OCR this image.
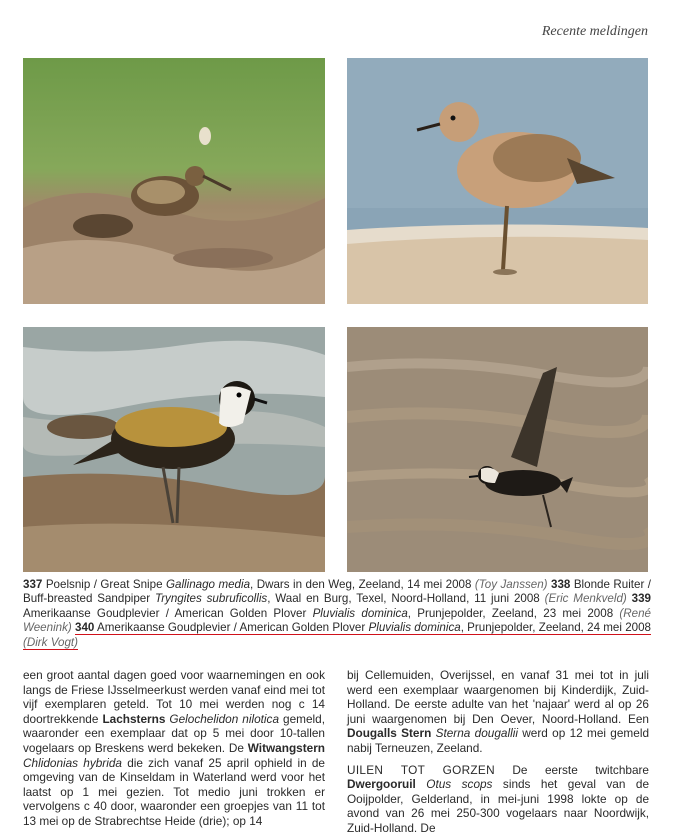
Recente meldingen
337 Poelsnip / Great Snipe Gallinago media, Dwars in den Weg, Zeeland, 14 mei 2008 (Toy Janssen) 338 Blonde Ruiter / Buff-breasted Sandpiper Tryngites subruficollis, Waal en Burg, Texel, Noord-Holland, 11 juni 2008 (Eric Menkveld) 339 Amerikaanse Goudplevier / American Golden Plover Pluvialis dominica, Prunjepolder, Zeeland, 23 mei 2008 (René Weenink) 340 Amerikaanse Goudplevier / American Golden Plover Pluvialis dominica, Prunjepolder, Zeeland, 24 mei 2008 (Dirk Vogt)

een groot aantal dagen goed voor waarnemingen en ook langs de Friese IJsselmeerkust werden vanaf eind mei tot vijf exemplaren geteld. Tot 10 mei werden nog c 14 doortrekkende Lachsterns Gelochelidon nilotica gemeld, waaronder een exemplaar dat op 5 mei door 10-tallen vogelaars op Breskens werd bekeken. De Witwangstern Chlidonias hybrida die zich vanaf 25 april ophield in de omgeving van de Kinseldam in Waterland werd voor het laatst op 1 mei gezien. Tot medio juni trokken er vervolgens c 40 door, waaronder een groepjes van 11 tot 13 mei op de Strabrechtse Heide (drie); op 14

bij Cellemuiden, Overijssel, en vanaf 31 mei tot in juli werd een exemplaar waargenomen bij Kinderdijk, Zuid-Holland. De eerste adulte van het 'najaar' werd al op 26 juni waargenomen bij Den Oever, Noord-Holland. Een Dougalls Stern Sterna dougallii werd op 12 mei gemeld nabij Terneuzen, Zeeland.

UILEN TOT GORZEN De eerste twitchbare Dwergooruil Otus scops sinds het geval van de Ooijpolder, Gelderland, in mei-juni 1998 lokte op de avond van 26 mei 250-300 vogelaars naar Noordwijk, Zuid-Holland. De
